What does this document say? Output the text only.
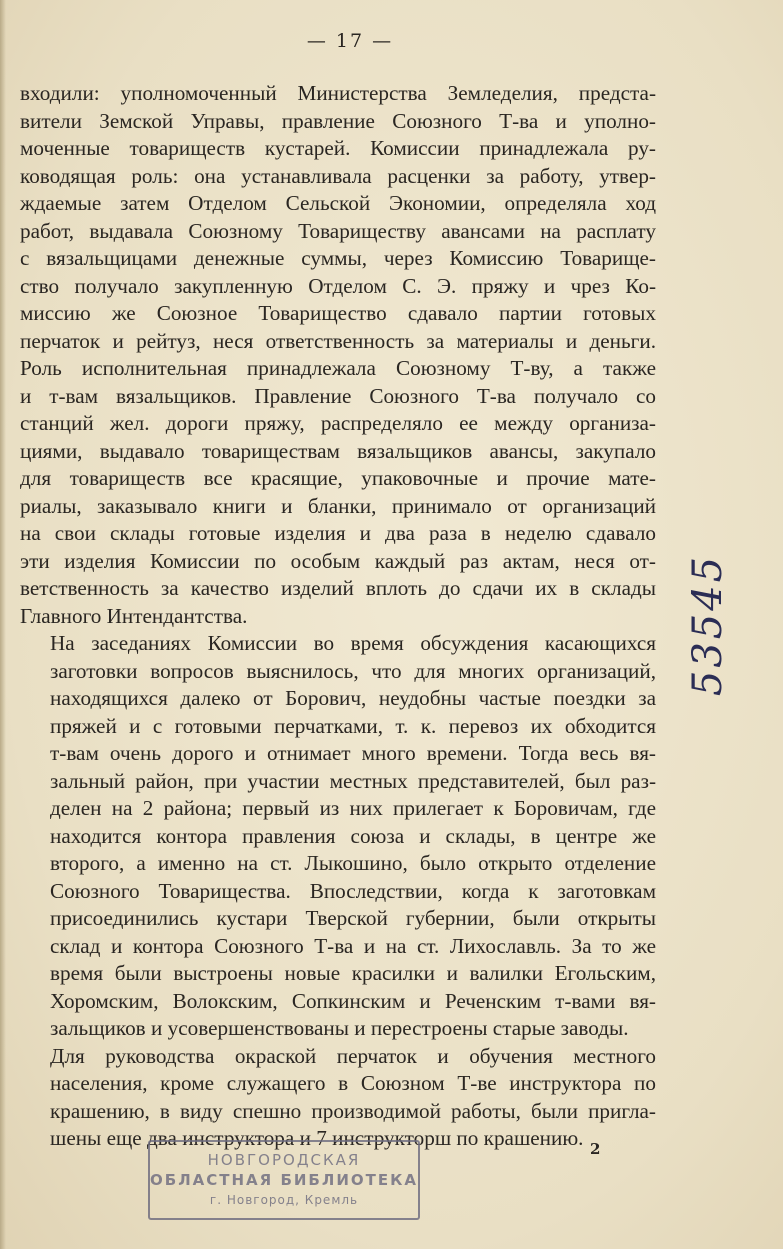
— 17 —

входили: уполномоченный Министерства Земледелия, предста-
вители Земской Управы, правление Союзного Т-ва и уполно-
моченные товариществ кустарей. Комиссии принадлежала ру-
ководящая роль: она устанавливала расценки за работу, утвер-
ждаемые затем Отделом Сельской Экономии, определяла ход
работ, выдавала Союзному Товариществу авансами на расплату
с вязальщицами денежные суммы, через Комиссию Товарище-
ство получало закупленную Отделом С. Э. пряжу и чрез Ко-
миссию же Союзное Товарищество сдавало партии готовых
перчаток и рейтуз, неся ответственность за материалы и деньги.
Роль исполнительная принадлежала Союзному Т-ву, а также
и т-вам вязальщиков. Правление Союзного Т-ва получало со
станций жел. дороги пряжу, распределяло ее между организа-
циями, выдавало товариществам вязальщиков авансы, закупало
для товариществ все красящие, упаковочные и прочие мате-
риалы, заказывало книги и бланки, принимало от организаций
на свои склады готовые изделия и два раза в неделю сдавало
эти изделия Комиссии по особым каждый раз актам, неся от-
ветственность за качество изделий вплоть до сдачи их в склады
Главного Интендантства.

На заседаниях Комиссии во время обсуждения касающихся
заготовки вопросов выяснилось, что для многих организаций,
находящихся далеко от Борович, неудобны частые поездки за
пряжей и с готовыми перчатками, т. к. перевоз их обходится
т-вам очень дорого и отнимает много времени. Тогда весь вя-
зальный район, при участии местных представителей, был раз-
делен на 2 района; первый из них прилегает к Боровичам, где
находится контора правления союза и склады, в центре же
второго, а именно на ст. Лыкошино, было открыто отделение
Союзного Товарищества. Впоследствии, когда к заготовкам
присоединились кустари Тверской губернии, были открыты
склад и контора Союзного Т-ва и на ст. Лихославль. За то же
время были выстроены новые красилки и валилки Егольским,
Хоромским, Волокским, Сопкинским и Реченским т-вами вя-
зальщиков и усовершенствованы и перестроены старые заводы.

Для руководства окраской перчаток и обучения местного
населения, кроме служащего в Союзном Т-ве инструктора по
крашению, в виду спешно производимой работы, были пригла-
шены еще два инструктора и 7 инструкторш по крашению.

53545
2
НОВГОРОДСКАЯ
ОБЛАСТНАЯ БИБЛИОТЕКА
г. Новгород, Кремль
